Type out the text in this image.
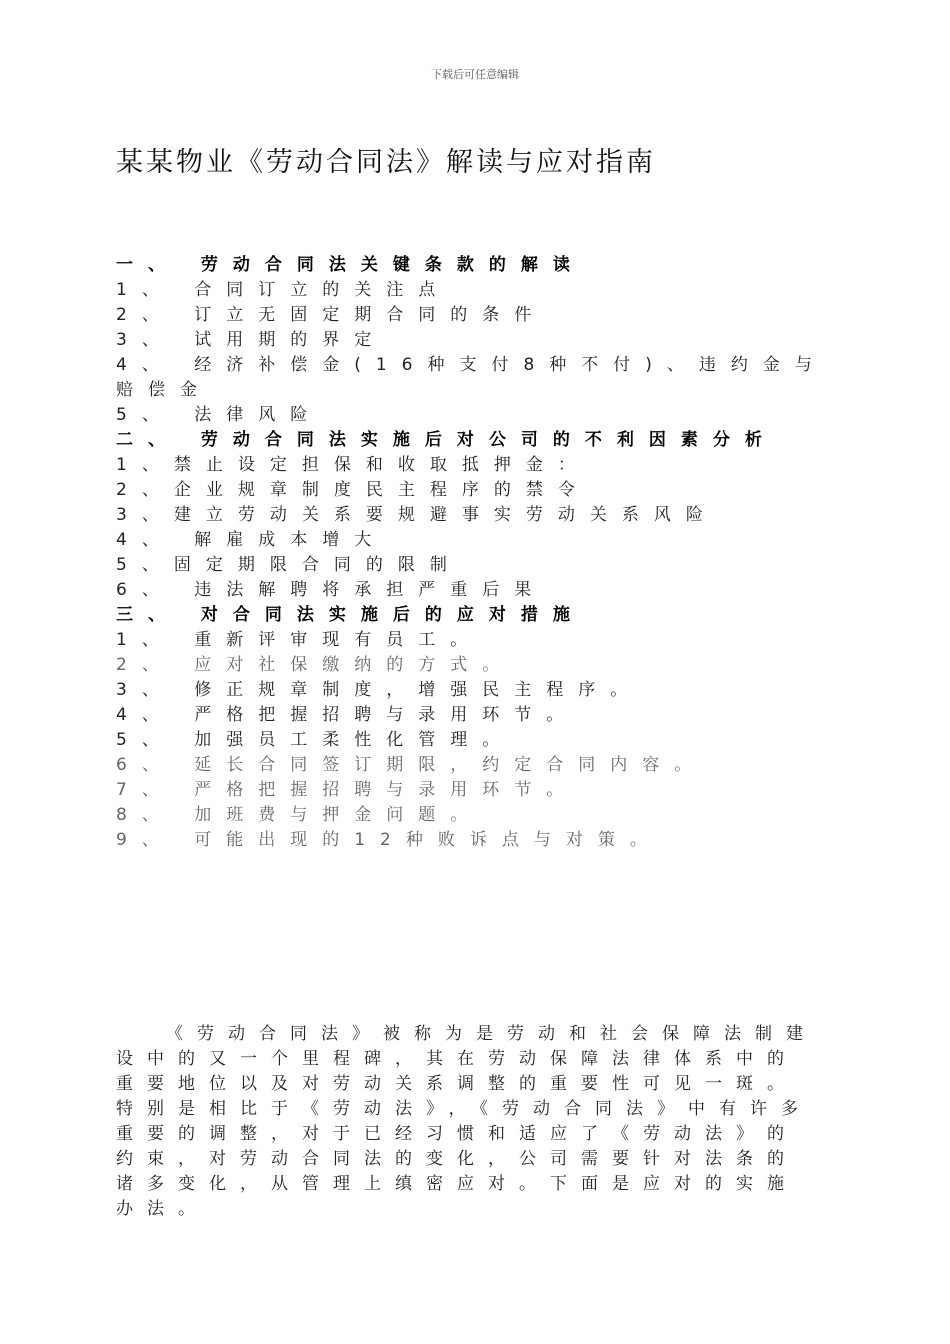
下载后可任意编辑
某某物业《劳动合同法》解读与应对指南
一、 劳动合同法关键条款的解读
1、 合同订立的关注点
2、 订立无固定期合同的条件
3、 试用期的界定
4、 经济补偿金(16种支付8种不付)、违约金与赔偿金
5、 法律风险
二、 劳动合同法实施后对公司的不利因素分析
1、禁止设定担保和收取抵押金：
2、企业规章制度民主程序的禁令
3、建立劳动关系要规避事实劳动关系风险
4、 解雇成本增大
5、固定期限合同的限制
6、 违法解聘将承担严重后果
三、 对合同法实施后的应对措施
1、 重新评审现有员工。
2、 应对社保缴纳的方式。
3、 修正规章制度，增强民主程序。
4、 严格把握招聘与录用环节。
5、 加强员工柔性化管理。
6、 延长合同签订期限，约定合同内容。
7、 严格把握招聘与录用环节。
8、 加班费与押金问题。
9、 可能出现的12种败诉点与对策。
《劳动合同法》被称为是劳动和社会保障法制建设中的又一个里程碑，其在劳动保障法律体系中的重要地位以及对劳动关系调整的重要性可见一斑。特别是相比于《劳动法》，《劳动合同法》中有许多重要的调整，对于已经习惯和适应了《劳动法》的约束，对劳动合同法的变化，公司需要针对法条的诸多变化，从管理上缜密应对。下面是应对的实施办法。
